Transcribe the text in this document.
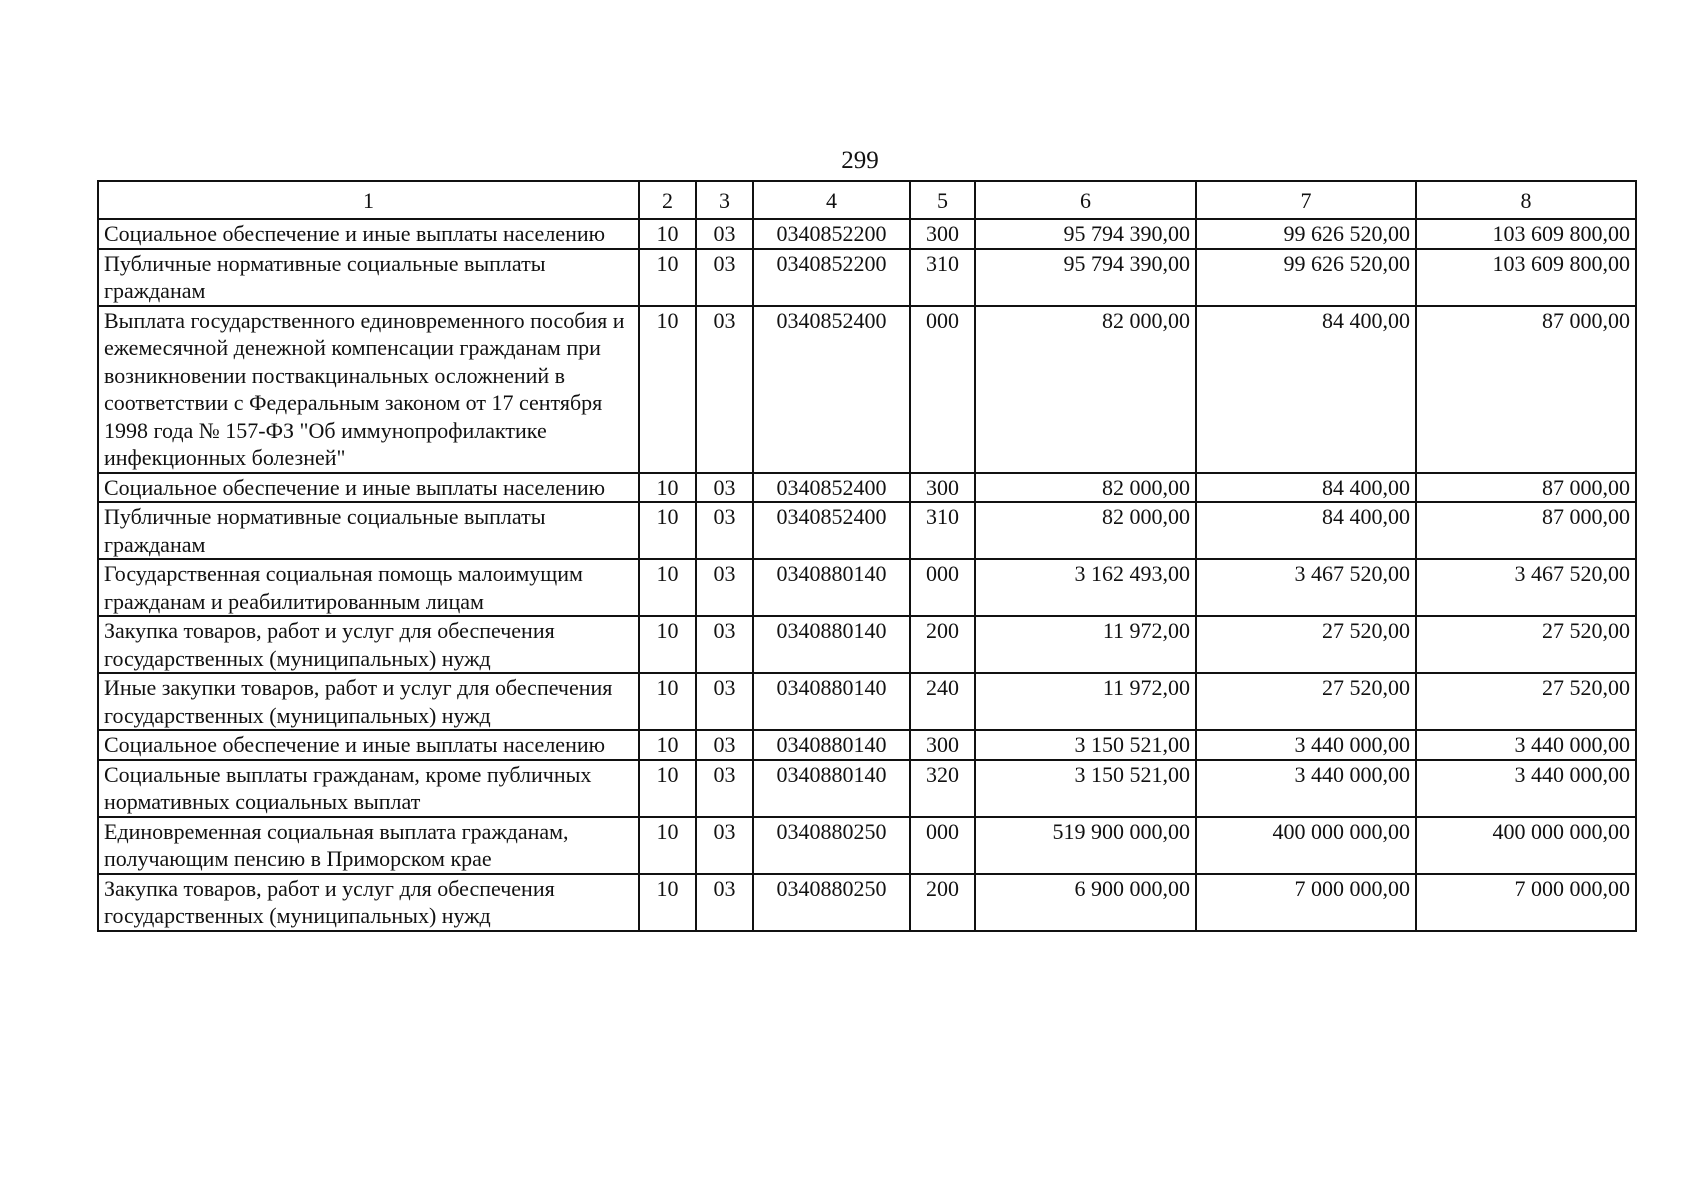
299
1	2	3	4	5	6	7	8
Социальное обеспечение и иные выплаты населению	10	03	0340852200	300	95 794 390,00	99 626 520,00	103 609 800,00
Публичные нормативные социальные выплаты гражданам	10	03	0340852200	310	95 794 390,00	99 626 520,00	103 609 800,00
Выплата государственного единовременного пособия и ежемесячной денежной компенсации гражданам при возникновении поствакцинальных осложнений в соответствии с Федеральным законом от 17 сентября 1998 года № 157-ФЗ "Об иммунопрофилактике инфекционных болезней"	10	03	0340852400	000	82 000,00	84 400,00	87 000,00
Социальное обеспечение и иные выплаты населению	10	03	0340852400	300	82 000,00	84 400,00	87 000,00
Публичные нормативные социальные выплаты гражданам	10	03	0340852400	310	82 000,00	84 400,00	87 000,00
Государственная социальная помощь малоимущим гражданам и реабилитированным лицам	10	03	0340880140	000	3 162 493,00	3 467 520,00	3 467 520,00
Закупка товаров, работ и услуг для обеспечения государственных (муниципальных) нужд	10	03	0340880140	200	11 972,00	27 520,00	27 520,00
Иные закупки товаров, работ и услуг для обеспечения государственных (муниципальных) нужд	10	03	0340880140	240	11 972,00	27 520,00	27 520,00
Социальное обеспечение и иные выплаты населению	10	03	0340880140	300	3 150 521,00	3 440 000,00	3 440 000,00
Социальные выплаты гражданам, кроме публичных нормативных социальных выплат	10	03	0340880140	320	3 150 521,00	3 440 000,00	3 440 000,00
Единовременная социальная выплата гражданам, получающим пенсию в Приморском крае	10	03	0340880250	000	519 900 000,00	400 000 000,00	400 000 000,00
Закупка товаров, работ и услуг для обеспечения государственных (муниципальных) нужд	10	03	0340880250	200	6 900 000,00	7 000 000,00	7 000 000,00
